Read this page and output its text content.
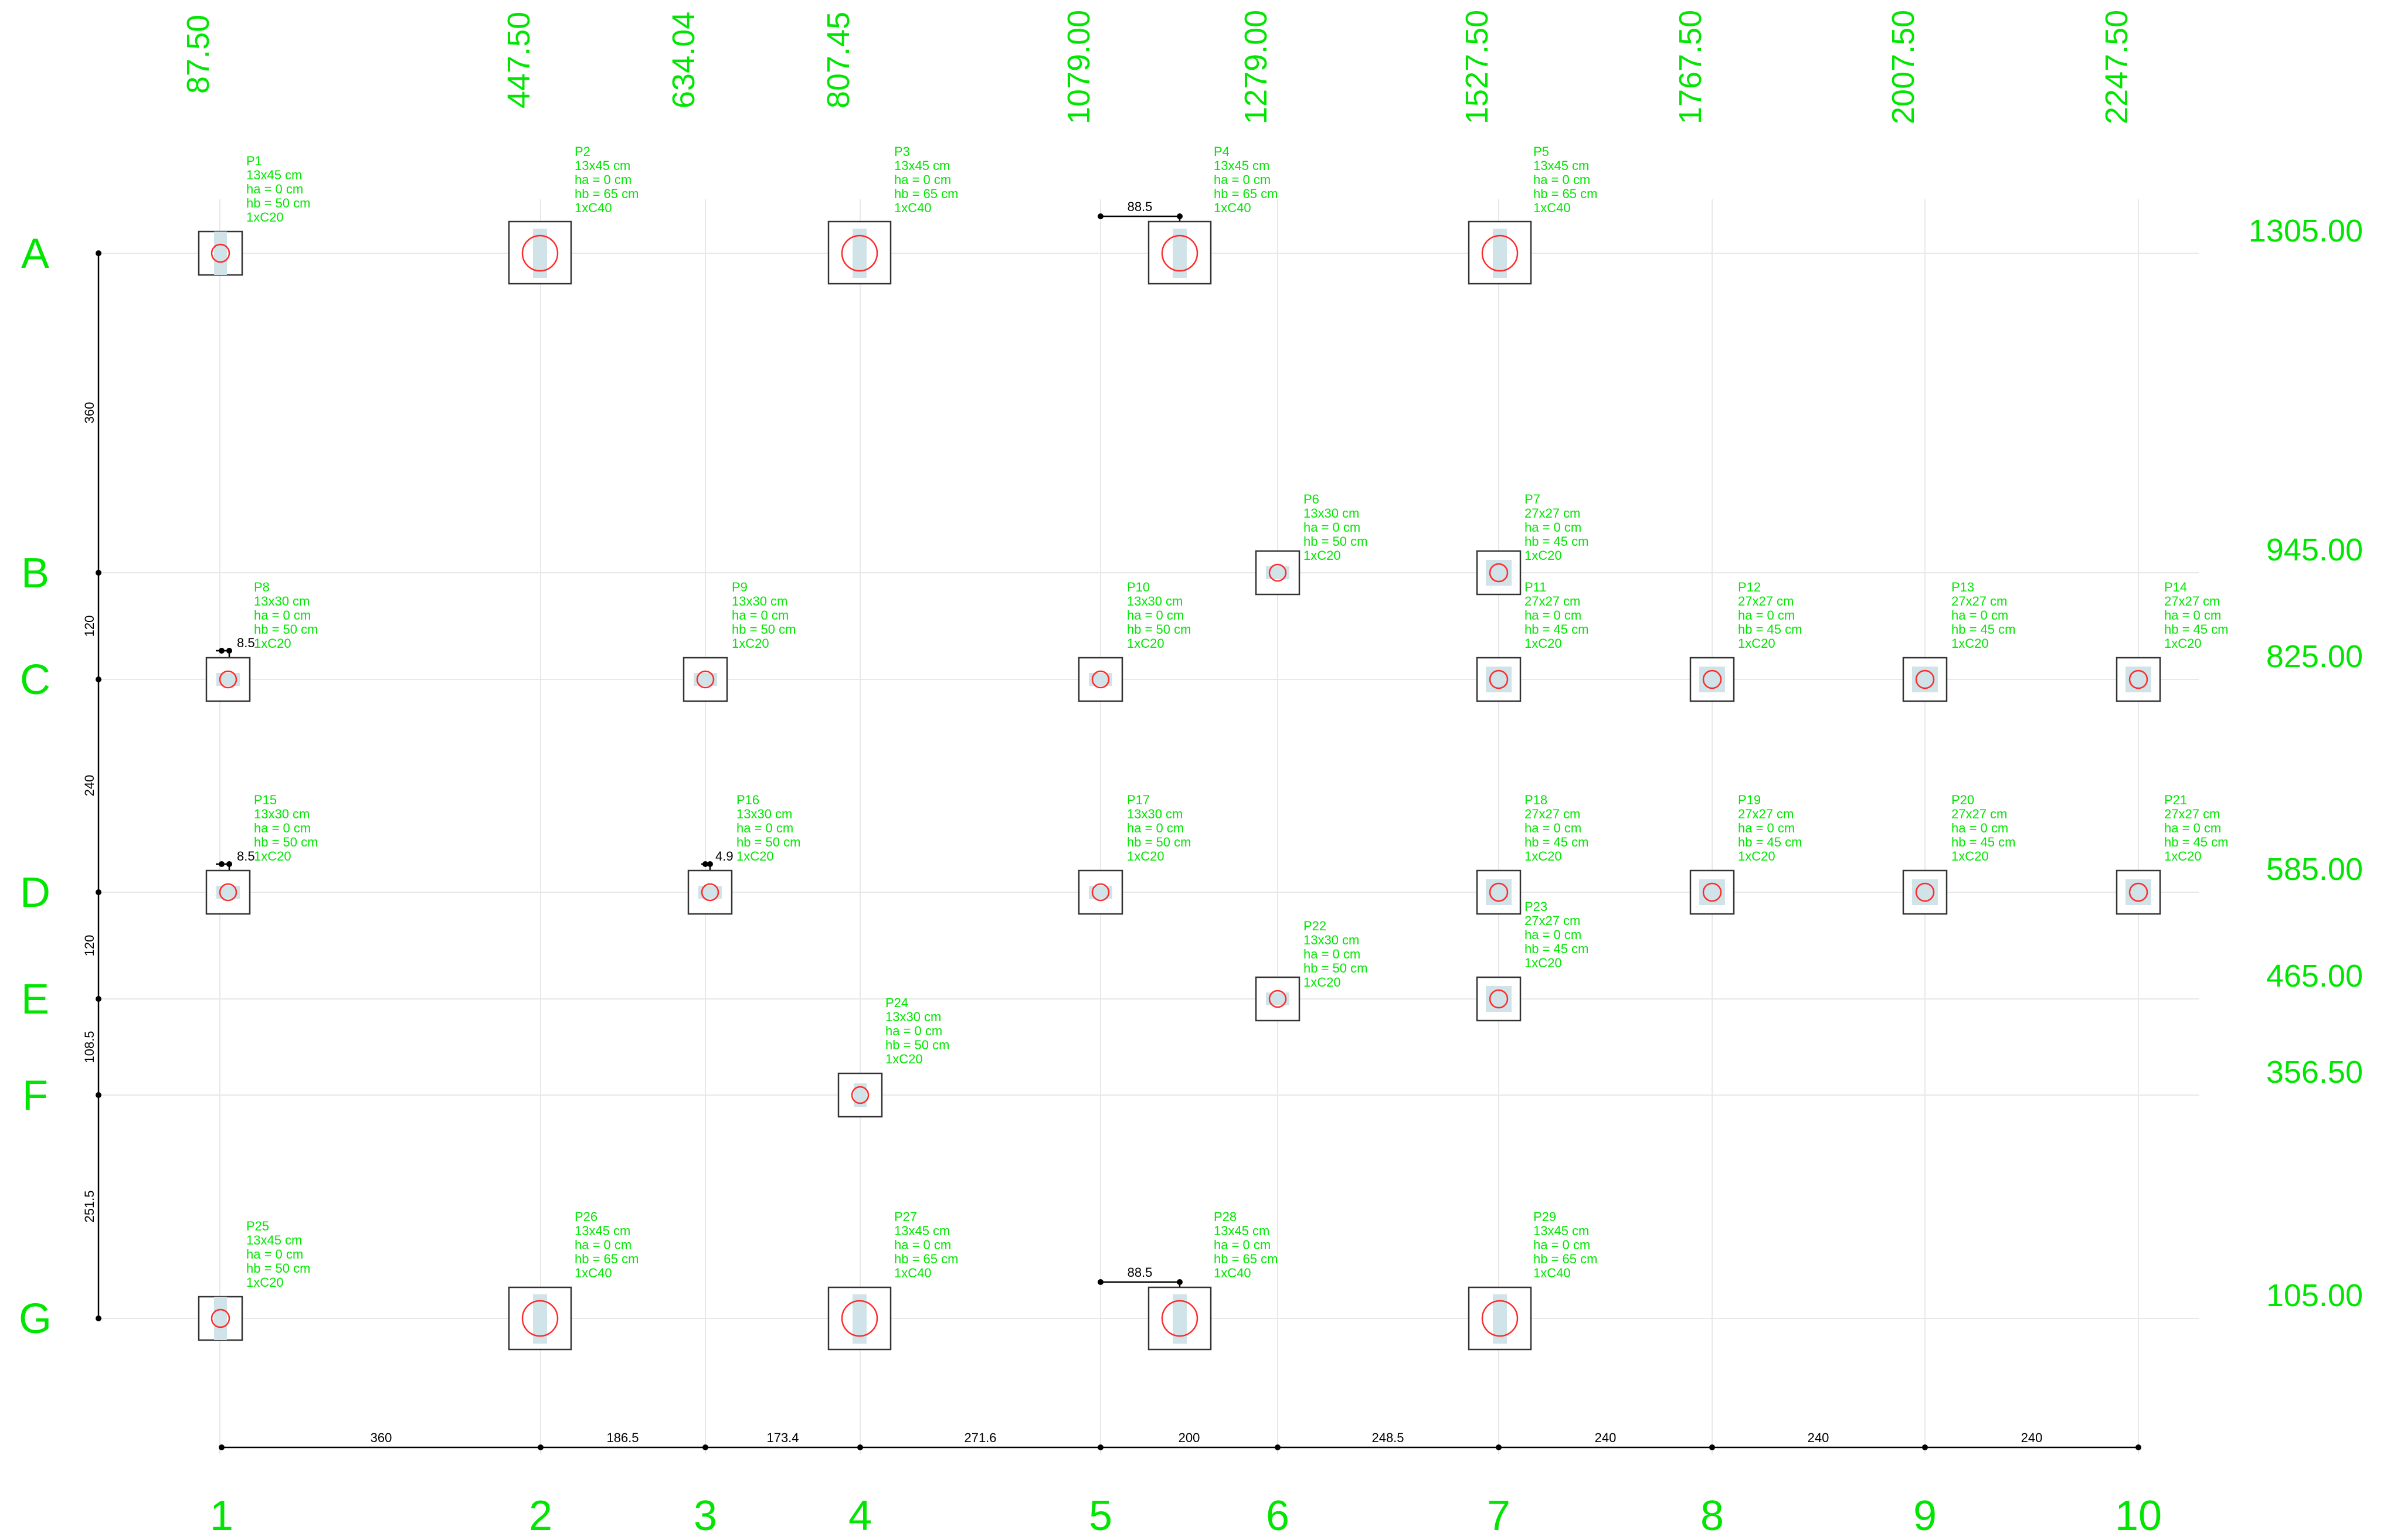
87.50	447.50	634.04	807.45	1079.00	1279.00	1527.50	1767.50	2007.50	2247.50
1305.00
945.00
825.00
585.00
465.00
356.50
105.00
A
B
C
D
E
F
G
1	2	3	4	5	6	7	8	9	10
360	186.5	173.4	271.6	200	248.5	240	240	240
360
120
240
120
108.5
251.5
88.5
8.5
8.5	4.9
88.5
P1
13x45 cm
ha = 0 cm
hb = 50 cm
1xC20
P2
13x45 cm
ha = 0 cm
hb = 65 cm
1xC40
P3
13x45 cm
ha = 0 cm
hb = 65 cm
1xC40
P4
13x45 cm
ha = 0 cm
hb = 65 cm
1xC40
P5
13x45 cm
ha = 0 cm
hb = 65 cm
1xC40
P6
13x30 cm
ha = 0 cm
hb = 50 cm
1xC20
P7
27x27 cm
ha = 0 cm
hb = 45 cm
1xC20
P8
13x30 cm
ha = 0 cm
hb = 50 cm
1xC20
P9
13x30 cm
ha = 0 cm
hb = 50 cm
1xC20
P10
13x30 cm
ha = 0 cm
hb = 50 cm
1xC20
P11
27x27 cm
ha = 0 cm
hb = 45 cm
1xC20
P12
27x27 cm
ha = 0 cm
hb = 45 cm
1xC20
P13
27x27 cm
ha = 0 cm
hb = 45 cm
1xC20
P14
27x27 cm
ha = 0 cm
hb = 45 cm
1xC20
P15
13x30 cm
ha = 0 cm
hb = 50 cm
1xC20
P16
13x30 cm
ha = 0 cm
hb = 50 cm
1xC20
P17
13x30 cm
ha = 0 cm
hb = 50 cm
1xC20
P18
27x27 cm
ha = 0 cm
hb = 45 cm
1xC20
P19
27x27 cm
ha = 0 cm
hb = 45 cm
1xC20
P20
27x27 cm
ha = 0 cm
hb = 45 cm
1xC20
P21
27x27 cm
ha = 0 cm
hb = 45 cm
1xC20
P22
13x30 cm
ha = 0 cm
hb = 50 cm
1xC20
P23
27x27 cm
ha = 0 cm
hb = 45 cm
1xC20
P24
13x30 cm
ha = 0 cm
hb = 50 cm
1xC20
P25
13x45 cm
ha = 0 cm
hb = 50 cm
1xC20
P26
13x45 cm
ha = 0 cm
hb = 65 cm
1xC40
P27
13x45 cm
ha = 0 cm
hb = 65 cm
1xC40
P28
13x45 cm
ha = 0 cm
hb = 65 cm
1xC40
P29
13x45 cm
ha = 0 cm
hb = 65 cm
1xC40
